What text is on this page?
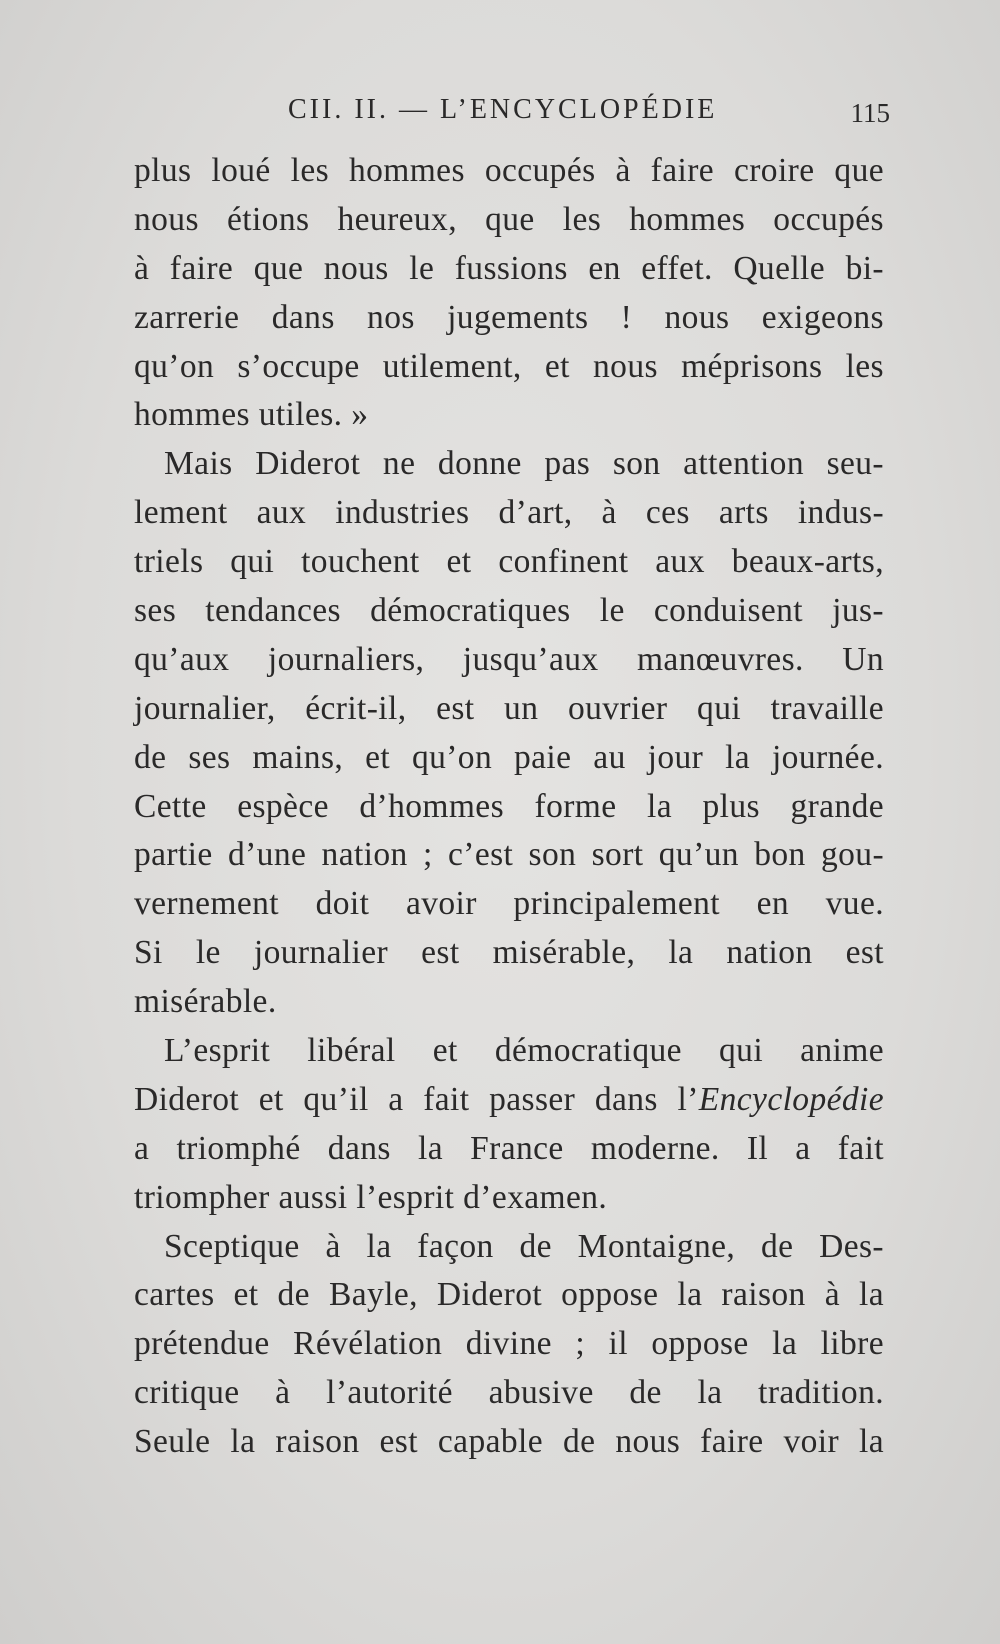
CII. II. — L’ENCYCLOPÉDIE	115
plus loué les hommes occupés à faire croire que
nous étions heureux, que les hommes occupés
à faire que nous le fussions en effet. Quelle bi-
zarrerie dans nos jugements ! nous exigeons
qu’on s’occupe utilement, et nous méprisons les
hommes utiles. »
Mais Diderot ne donne pas son attention seu-
lement aux industries d’art, à ces arts indus-
triels qui touchent et confinent aux beaux-arts,
ses tendances démocratiques le conduisent jus-
qu’aux journaliers, jusqu’aux manœuvres. Un
journalier, écrit-il, est un ouvrier qui travaille
de ses mains, et qu’on paie au jour la journée.
Cette espèce d’hommes forme la plus grande
partie d’une nation ; c’est son sort qu’un bon gou-
vernement doit avoir principalement en vue.
Si le journalier est misérable, la nation est
misérable.
L’esprit libéral et démocratique qui anime
Diderot et qu’il a fait passer dans l’Encyclopédie
a triomphé dans la France moderne. Il a fait
triompher aussi l’esprit d’examen.
Sceptique à la façon de Montaigne, de Des-
cartes et de Bayle, Diderot oppose la raison à la
prétendue Révélation divine ; il oppose la libre
critique à l’autorité abusive de la tradition.
Seule la raison est capable de nous faire voir la
